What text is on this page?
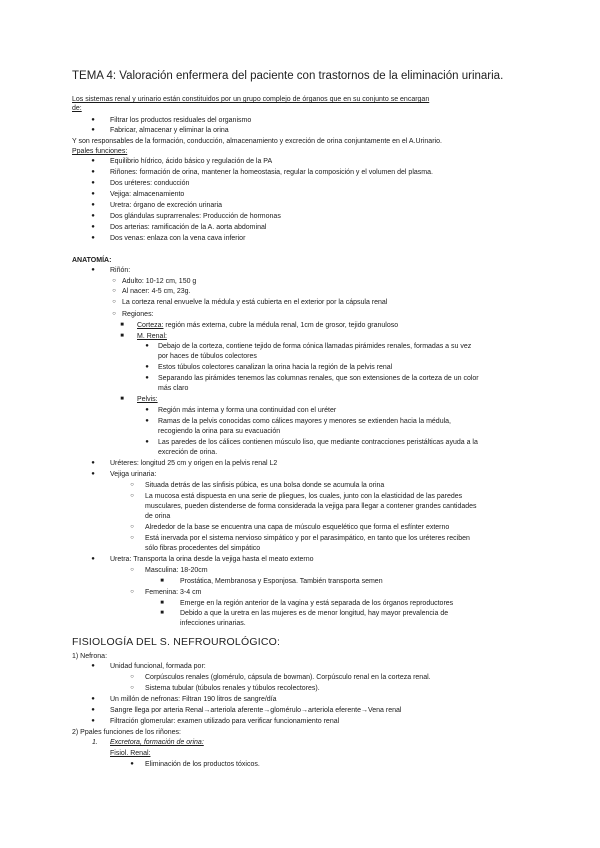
TEMA 4: Valoración enfermera del paciente con trastornos de la eliminación urinaria.
Los sistemas renal y urinario están constituidos por un grupo complejo de órganos que en su conjunto se encargan
de:
●	Filtrar los productos residuales del organismo
●	Fabricar, almacenar y eliminar la orina
Y son responsables de la formación, conducción, almacenamiento y excreción de orina conjuntamente en el A.Urinario.
Ppales funciones:
●	Equilibrio hídrico, ácido básico y regulación de la PA
●	Riñones: formación de orina, mantener la homeostasia, regular la composición y el volumen del plasma.
●	Dos uréteres: conducción
●	Vejiga: almacenamiento
●	Uretra: órgano de excreción urinaria
●	Dos glándulas suprarrenales: Producción de hormonas
●	Dos arterias: ramificación de la A. aorta abdominal
●	Dos venas: enlaza con la vena cava inferior
ANATOMÍA:
●	Riñón:
○ Adulto: 10-12 cm, 150 g
○ Al nacer: 4-5 cm, 23g.
○ La corteza renal envuelve la médula y está cubierta en el exterior por la cápsula renal
○ Regiones:
■	Corteza: región más externa, cubre la médula renal, 1cm de grosor, tejido granuloso
■	M. Renal:
●	Debajo de la corteza, contiene tejido de forma cónica llamadas pirámides renales, formadas a su vez
por haces de túbulos colectores
●	Estos túbulos colectores canalizan la orina hacia la región de la pelvis renal
●	Separando las pirámides tenemos las columnas renales, que son extensiones de la corteza de un color
más claro
■	Pelvis:
●	Región más interna y forma una continuidad con el uréter
●	Ramas de la pelvis conocidas como cálices mayores y menores se extienden hacia la médula,
recogiendo la orina para su evacuación
●	Las paredes de los cálices contienen músculo liso, que mediante contracciones peristálticas ayuda a la
excreción de orina.
●	Uréteres: longitud 25 cm y origen en la pelvis renal L2
●	Vejiga urinaria:
○	Situada detrás de las sínfisis púbica, es una bolsa donde se acumula la orina
○	La mucosa está dispuesta en una serie de pliegues, los cuales, junto con la elasticidad de las paredes
musculares, pueden distenderse de forma considerada la vejiga para llegar a contener grandes cantidades
de orina
○	Alrededor de la base se encuentra una capa de músculo esquelético que forma el esfínter externo
○	Está inervada por el sistema nervioso simpático y por el parasimpático, en tanto que los uréteres reciben
sólo fibras procedentes del simpático
●	Uretra: Transporta la orina desde la vejiga hasta el meato externo
○	Masculina: 18-20cm
■	Prostática, Membranosa y Esponjosa. También transporta semen
○	Femenina: 3-4 cm
■	Emerge en la región anterior de la vagina y está separada de los órganos reproductores
■	Debido a que la uretra en las mujeres es de menor longitud, hay mayor prevalencia de
infecciones urinarias.
FISIOLOGÍA DEL S. NEFROUROLÓGICO:
1) Nefrona:
●	Unidad funcional, formada por:
○	Corpúsculos renales (glomérulo, cápsula de bowman). Corpúsculo renal en la corteza renal.
○	Sistema tubular (túbulos renales y túbulos recolectores).
●	Un millón de nefronas: Filtran 190 litros de sangre/día
●	Sangre llega por arteria Renal→arteriola aferente→glomérulo→arteriola eferente→Vena renal
●	Filtración glomerular: examen utilizado para verificar funcionamiento renal
2) Ppales funciones de los riñones:
1. Excretora, formación de orina:
Fisiol. Renal:
●	Eliminación de los productos tóxicos.
